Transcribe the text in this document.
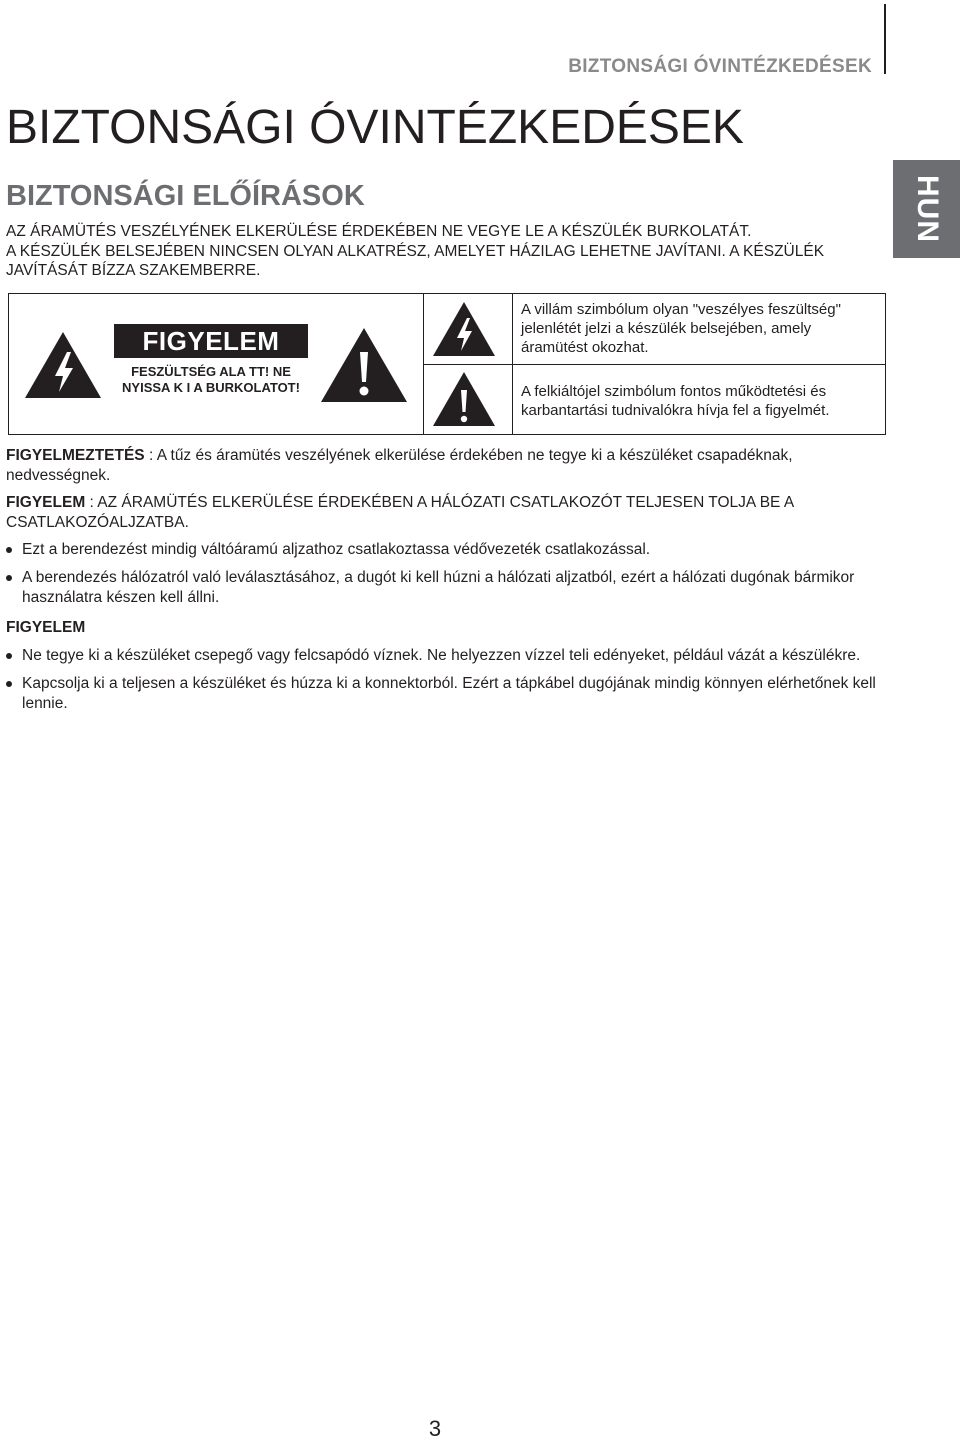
BIZTONSÁGI ÓVINTÉZKEDÉSEK
HUN
BIZTONSÁGI ÓVINTÉZKEDÉSEK
BIZTONSÁGI ELŐÍRÁSOK

AZ ÁRAMÜTÉS VESZÉLYÉNEK ELKERÜLÉSE ÉRDEKÉBEN NE VEGYE LE A KÉSZÜLÉK BURKOLATÁT.

A KÉSZÜLÉK BELSEJÉBEN NINCSEN OLYAN ALKATRÉSZ, AMELYET HÁZILAG LEHETNE JAVÍTANI. A KÉSZÜLÉK JAVÍTÁSÁT BÍZZA SZAKEMBERRE.

FIGYELEM
FESZÜLTSÉG ALA TT! NE NYISSA K I A BURKOLATOT!
A villám szimbólum olyan "veszélyes feszültség" jelenlétét jelzi a készülék belsejében, amely áramütést okozhat.
A felkiáltójel szimbólum fontos működtetési és karbantartási tudnivalókra hívja fel a figyelmét.

FIGYELMEZTETÉS : A tűz és áramütés veszélyének elkerülése érdekében ne tegye ki a készüléket csapadéknak, nedvességnek.

FIGYELEM : AZ ÁRAMÜTÉS ELKERÜLÉSE ÉRDEKÉBEN A HÁLÓZATI CSATLAKOZÓT TELJESEN TOLJA BE A CSATLAKOZÓALJZATBA.

Ezt a berendezést mindig váltóáramú aljzathoz csatlakoztassa védővezeték csatlakozással.
A berendezés hálózatról való leválasztásához, a dugót ki kell húzni a hálózati aljzatból, ezért a hálózati dugónak bármikor használatra készen kell állni.
FIGYELEM
Ne tegye ki a készüléket csepegő vagy felcsapódó víznek. Ne helyezzen vízzel teli edényeket, például vázát a készülékre.
Kapcsolja ki a teljesen a készüléket és húzza ki a konnektorból. Ezért a tápkábel dugójának mindig könnyen elérhetőnek kell lennie.
3
